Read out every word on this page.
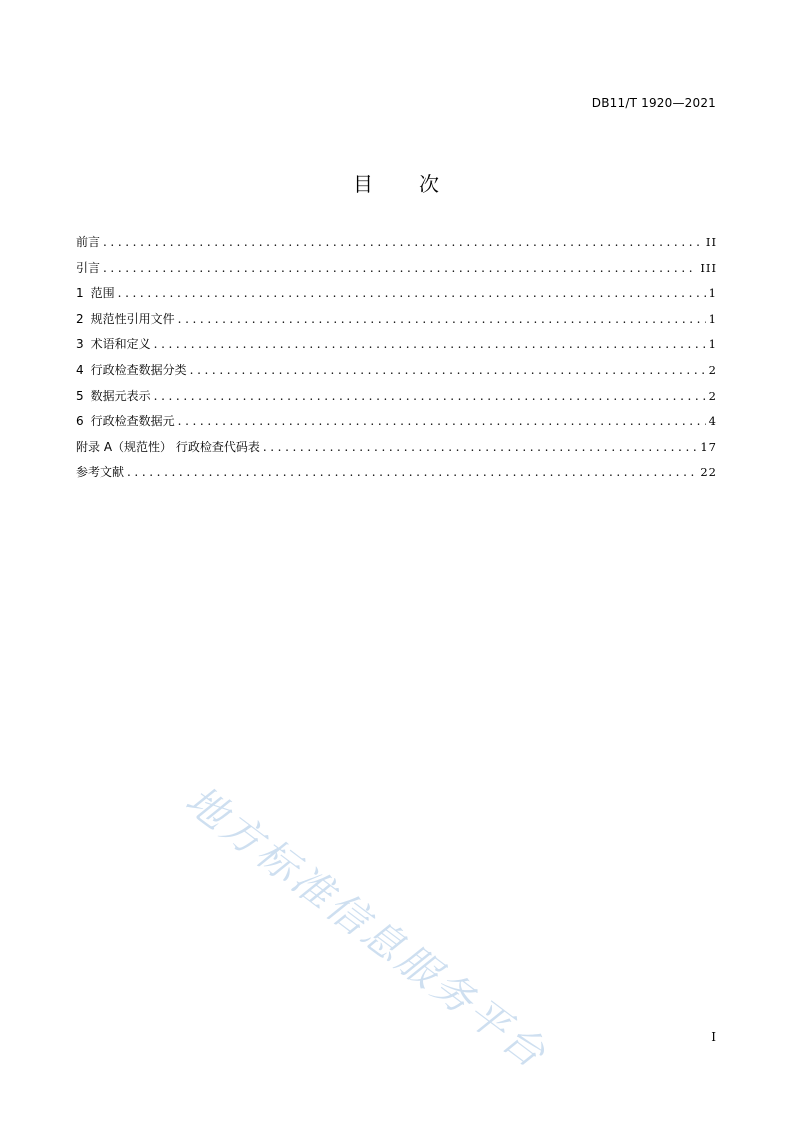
DB11/T 1920—2021
目 次
前言 .....	II
引言 .....	III
1 范围 .....	1
2 规范性引用文件 .....	1
3 术语和定义 .....	1
4 行政检查数据分类 .....	2
5 数据元表示 .....	2
6 行政检查数据元 .....	4
附录 A（规范性） 行政检查代码表 .....	17
参考文献 .....	22
地方标准信息服务平台	I
